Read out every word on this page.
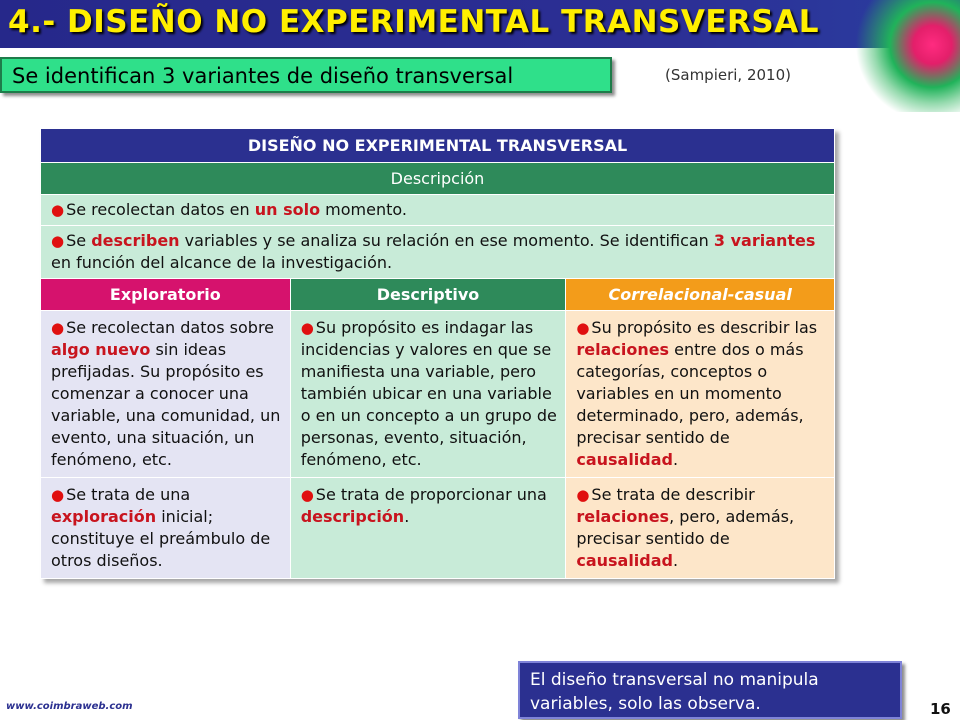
4.- DISEÑO NO EXPERIMENTAL TRANSVERSAL
Se identifican 3 variantes de diseño transversal	(Sampieri, 2010)
DISEÑO NO EXPERIMENTAL TRANSVERSAL		
Descripción		
● Se recolectan datos en un solo momento.		
● Se describen variables y se analiza su relación en ese momento. Se identifican 3 variantes en función del alcance de la investigación.		
Exploratorio	Descriptivo	Correlacional-casual
● Se recolectan datos sobre algo nuevo sin ideas prefijadas. Su propósito es comenzar a conocer una variable, una comunidad, un evento, una situación, un fenómeno, etc.	● Su propósito es indagar las incidencias y valores en que se manifiesta una variable, pero también ubicar en una variable o en un concepto a un grupo de personas, evento, situación, fenómeno, etc.	● Su propósito es describir las relaciones entre dos o más categorías, conceptos o variables en un momento determinado, pero, además, precisar sentido de causalidad.
● Se trata de una exploración inicial; constituye el preámbulo de otros diseños.	● Se trata de proporcionar una descripción.	● Se trata de describir relaciones, pero, además, precisar sentido de causalidad.
El diseño transversal no manipula variables, solo las observa.
www.coimbraweb.com	16
